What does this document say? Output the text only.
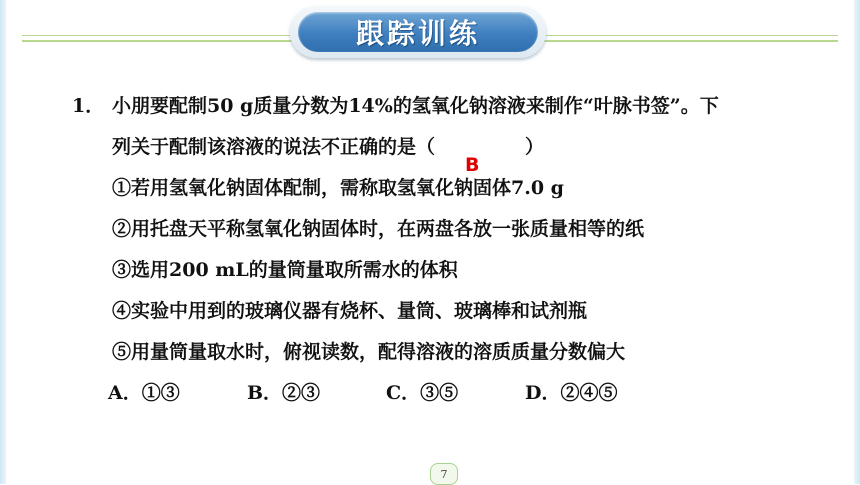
跟踪训练
1． 小朋要配制50 g质量分数为14%的氢氧化钠溶液来制作“叶脉书签”。下
列关于配制该溶液的说法不正确的是（
B
）
①若用氢氧化钠固体配制，需称取氢氧化钠固体7.0 g
②用托盘天平称氢氧化钠固体时，在两盘各放一张质量相等的纸
③选用200 mL的量筒量取所需水的体积
④实验中用到的玻璃仪器有烧杯、量筒、玻璃棒和试剂瓶
⑤用量筒量取水时，俯视读数，配得溶液的溶质质量分数偏大
A．①③	B．②③	C．③⑤	D．②④⑤
7
